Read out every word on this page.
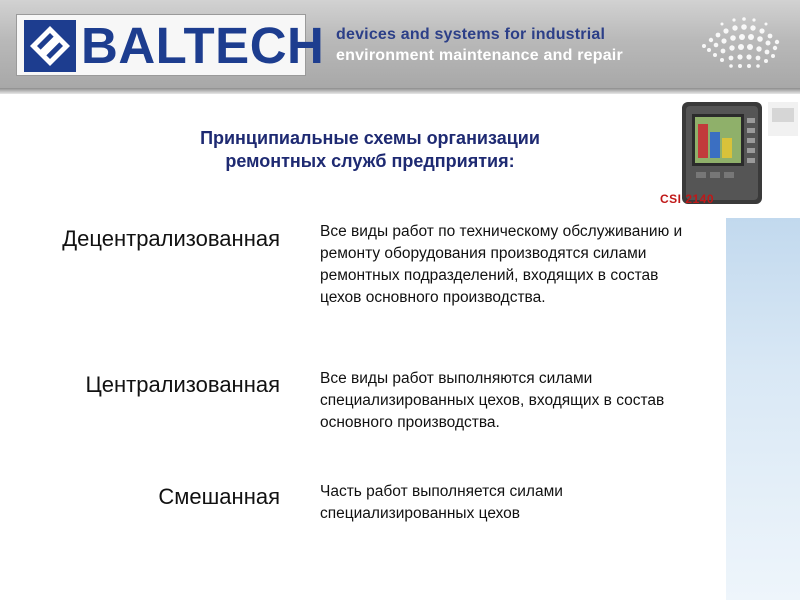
BALTECH devices and systems for industrial
environment maintenance and repair
CSI 2140
Принципиальные схемы организации
ремонтных служб предприятия:
Децентрализованная	Все виды работ по техническому обслуживанию и ремонту оборудования производятся силами ремонтных подразделений, входящих в состав цехов основного производства.
Централизованная	Все виды работ выполняются силами специализированных цехов, входящих в состав основного производства.
Смешанная	Часть работ выполняется силами специализированных цехов
